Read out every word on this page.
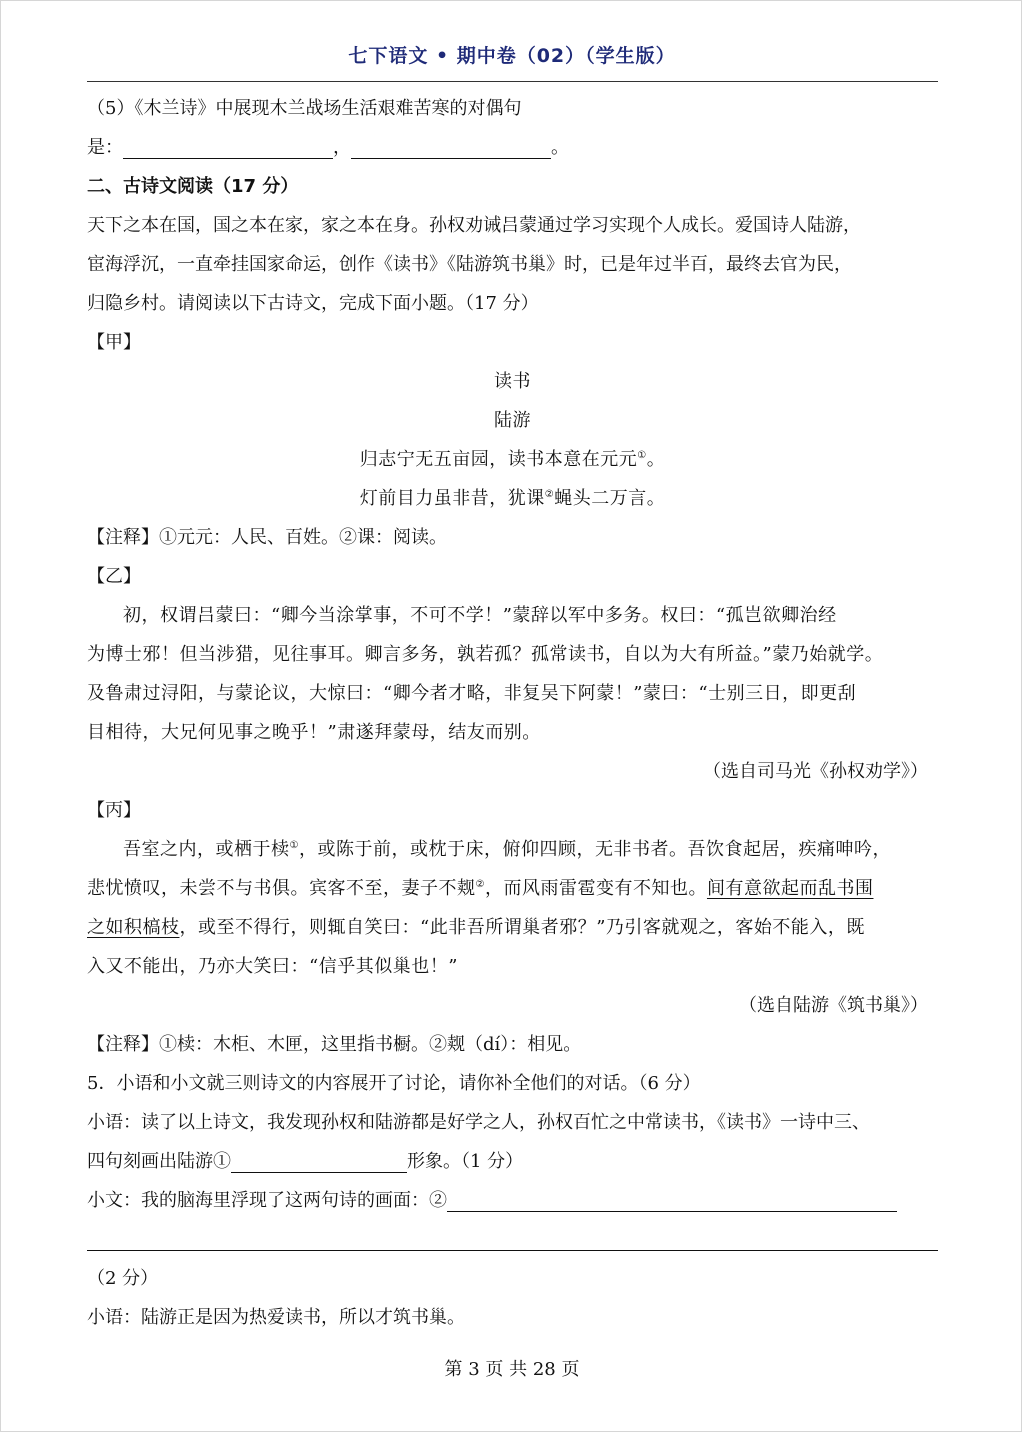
七下语文 • 期中卷（02）（学生版）
（5）《木兰诗》中展现木兰战场生活艰难苦寒的对偶句
是：	，	。
二、古诗文阅读（17 分）
天下之本在国，国之本在家，家之本在身。孙权劝诫吕蒙通过学习实现个人成长。爱国诗人陆游，
宦海浮沉，一直牵挂国家命运，创作《读书》《陆游筑书巢》时，已是年过半百，最终去官为民，
归隐乡村。请阅读以下古诗文，完成下面小题。（17 分）
【甲】
读书
陆游
归志宁无五亩园，读书本意在元元①。
灯前目力虽非昔，犹课②蝇头二万言。
【注释】①元元：人民、百姓。②课：阅读。
【乙】
初，权谓吕蒙曰：“卿今当涂掌事，不可不学！”蒙辞以军中多务。权曰：“孤岂欲卿治经
为博士邪！但当涉猎，见往事耳。卿言多务，孰若孤？孤常读书，自以为大有所益。”蒙乃始就学。
及鲁肃过浔阳，与蒙论议，大惊曰：“卿今者才略，非复吴下阿蒙！”蒙曰：“士别三日，即更刮
目相待，大兄何见事之晚乎！”肃遂拜蒙母，结友而别。
（选自司马光《孙权劝学》）
【丙】
吾室之内，或栖于椟①，或陈于前，或枕于床，俯仰四顾，无非书者。吾饮食起居，疾痛呻吟，
悲忧愤叹，未尝不与书俱。宾客不至，妻子不觌②，而风雨雷雹变有不知也。间有意欲起而乱书围
之如积槁枝，或至不得行，则辄自笑曰：“此非吾所谓巢者邪？”乃引客就观之，客始不能入，既
入又不能出，乃亦大笑曰：“信乎其似巢也！”
（选自陆游《筑书巢》）
【注释】①椟：木柜、木匣，这里指书橱。②觌（dí）：相见。
5．小语和小文就三则诗文的内容展开了讨论，请你补全他们的对话。（6 分）
小语：读了以上诗文，我发现孙权和陆游都是好学之人，孙权百忙之中常读书，《读书》一诗中三、
四句刻画出陆游①	形象。（1 分）
小文：我的脑海里浮现了这两句诗的画面：②
（2 分）
小语：陆游正是因为热爱读书，所以才筑书巢。
第 3 页 共 28 页
